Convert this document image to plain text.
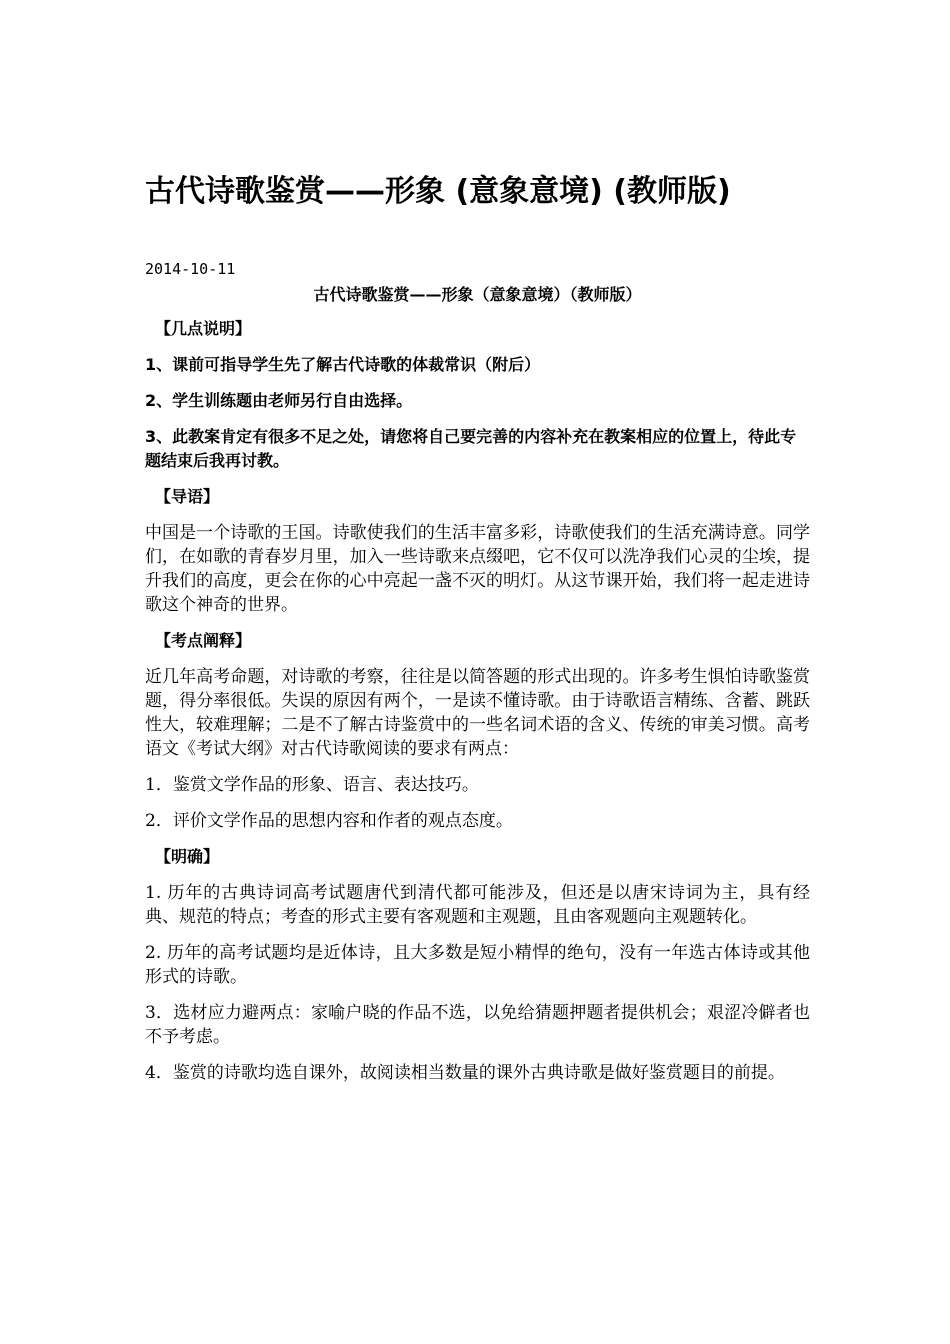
古代诗歌鉴赏——形象 (意象意境) (教师版)
2014-10-11

古代诗歌鉴赏——形象（意象意境）（教师版）

【几点说明】

1、课前可指导学生先了解古代诗歌的体裁常识（附后）

2、学生训练题由老师另行自由选择。

3、此教案肯定有很多不足之处，请您将自己要完善的内容补充在教案相应的位置上，待此专题结束后我再讨教。

【导语】

中国是一个诗歌的王国。诗歌使我们的生活丰富多彩，诗歌使我们的生活充满诗意。同学们，在如歌的青春岁月里，加入一些诗歌来点缀吧，它不仅可以洗净我们心灵的尘埃，提升我们的高度，更会在你的心中亮起一盏不灭的明灯。从这节课开始，我们将一起走进诗歌这个神奇的世界。

【考点阐释】

近几年高考命题，对诗歌的考察，往往是以简答题的形式出现的。许多考生惧怕诗歌鉴赏题，得分率很低。失误的原因有两个，一是读不懂诗歌。由于诗歌语言精练、含蓄、跳跃性大，较难理解；二是不了解古诗鉴赏中的一些名词术语的含义、传统的审美习惯。高考语文《考试大纲》对古代诗歌阅读的要求有两点：

1．鉴赏文学作品的形象、语言、表达技巧。

2．评价文学作品的思想内容和作者的观点态度。

【明确】

1. 历年的古典诗词高考试题唐代到清代都可能涉及，但还是以唐宋诗词为主，具有经典、规范的特点；考查的形式主要有客观题和主观题，且由客观题向主观题转化。

2. 历年的高考试题均是近体诗，且大多数是短小精悍的绝句，没有一年选古体诗或其他形式的诗歌。

3．选材应力避两点：家喻户晓的作品不选，以免给猜题押题者提供机会；艰涩冷僻者也不予考虑。

4．鉴赏的诗歌均选自课外，故阅读相当数量的课外古典诗歌是做好鉴赏题目的前提。
